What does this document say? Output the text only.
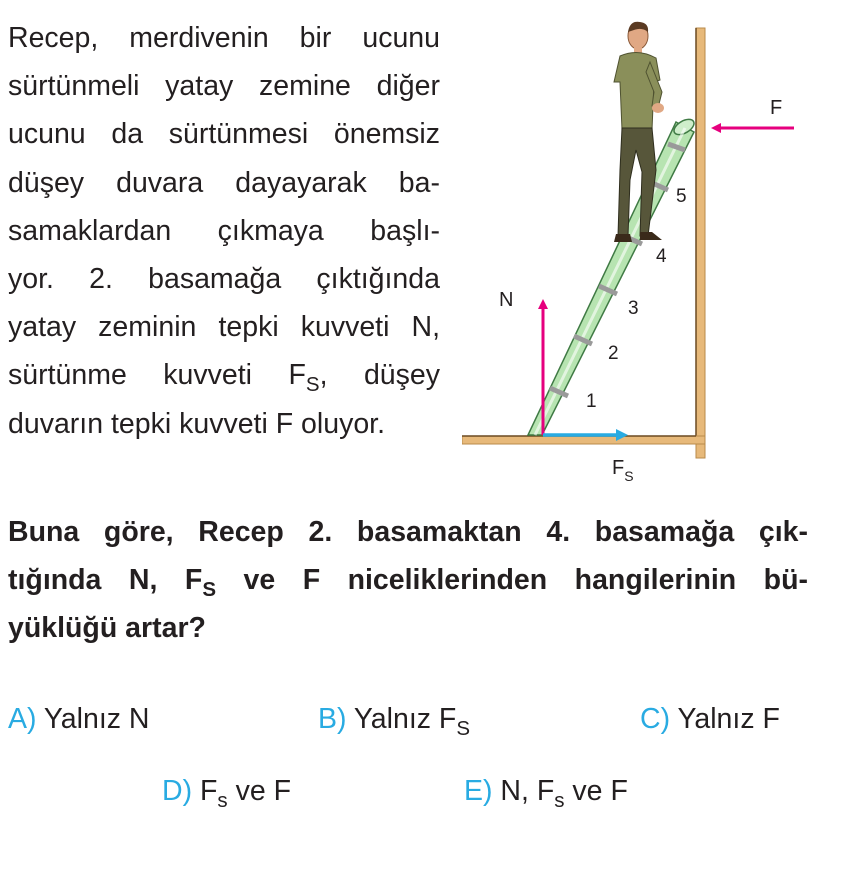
Recep, merdivenin bir ucunu
sürtünmeli yatay zemine diğer
ucunu da sürtünmesi önemsiz
düşey duvara dayayarak ba-
samaklardan çıkmaya başlı-
yor. 2. basamağa çıktığında
yatay zeminin tepki kuvveti N,
sürtünme kuvveti $F_S$, düşey
duvarın tepki kuvveti F oluyor.
1
2
3
4
5
F
N
$F_S$
Buna göre, Recep 2. basamaktan 4. basamağa çık-
tığında N, $F_S$ ve F niceliklerinden hangilerinin bü-
yüklüğü artar?
A) Yalnız N	B) Yalnız $F_S$	C) Yalnız F
D) $F_s$ ve F	E) N, $F_s$ ve F
